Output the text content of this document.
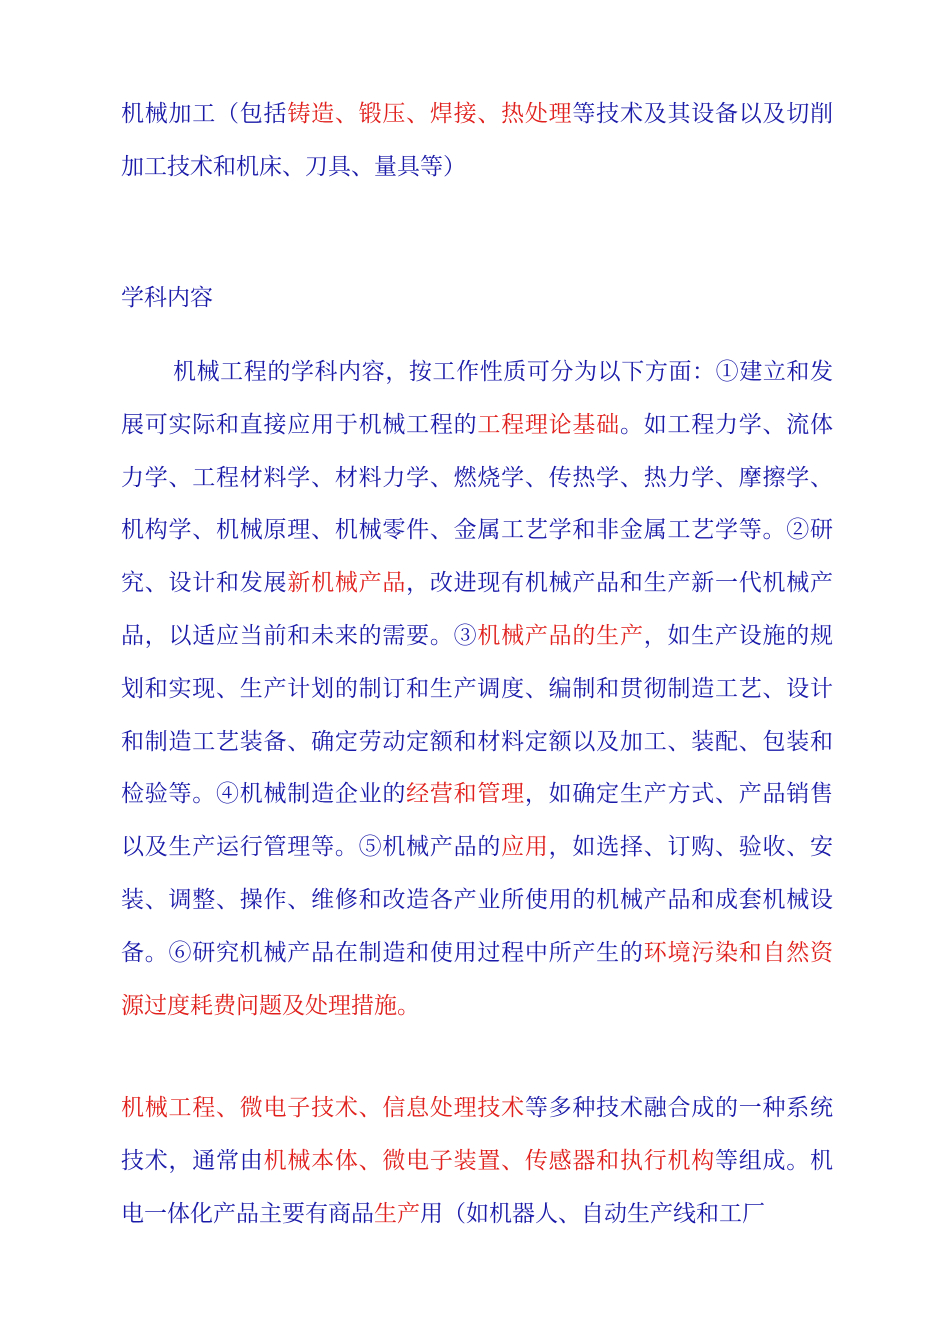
机械加工（包括铸造、锻压、焊接、热处理等技术及其设备以及切削加工技术和机床、刀具、量具等）

学科内容

机械工程的学科内容，按工作性质可分为以下方面：①建立和发展可实际和直接应用于机械工程的工程理论基础。如工程力学、流体力学、工程材料学、材料力学、燃烧学、传热学、热力学、摩擦学、机构学、机械原理、机械零件、金属工艺学和非金属工艺学等。②研究、设计和发展新机械产品，改进现有机械产品和生产新一代机械产品，以适应当前和未来的需要。③机械产品的生产，如生产设施的规划和实现、生产计划的制订和生产调度、编制和贯彻制造工艺、设计和制造工艺装备、确定劳动定额和材料定额以及加工、装配、包装和检验等。④机械制造企业的经营和管理，如确定生产方式、产品销售以及生产运行管理等。⑤机械产品的应用，如选择、订购、验收、安装、调整、操作、维修和改造各产业所使用的机械产品和成套机械设备。⑥研究机械产品在制造和使用过程中所产生的环境污染和自然资源过度耗费问题及处理措施。

机械工程、微电子技术、信息处理技术等多种技术融合成的一种系统技术，通常由机械本体、微电子装置、传感器和执行机构等组成。机电一体化产品主要有商品生产用（如机器人、自动生产线和工厂
